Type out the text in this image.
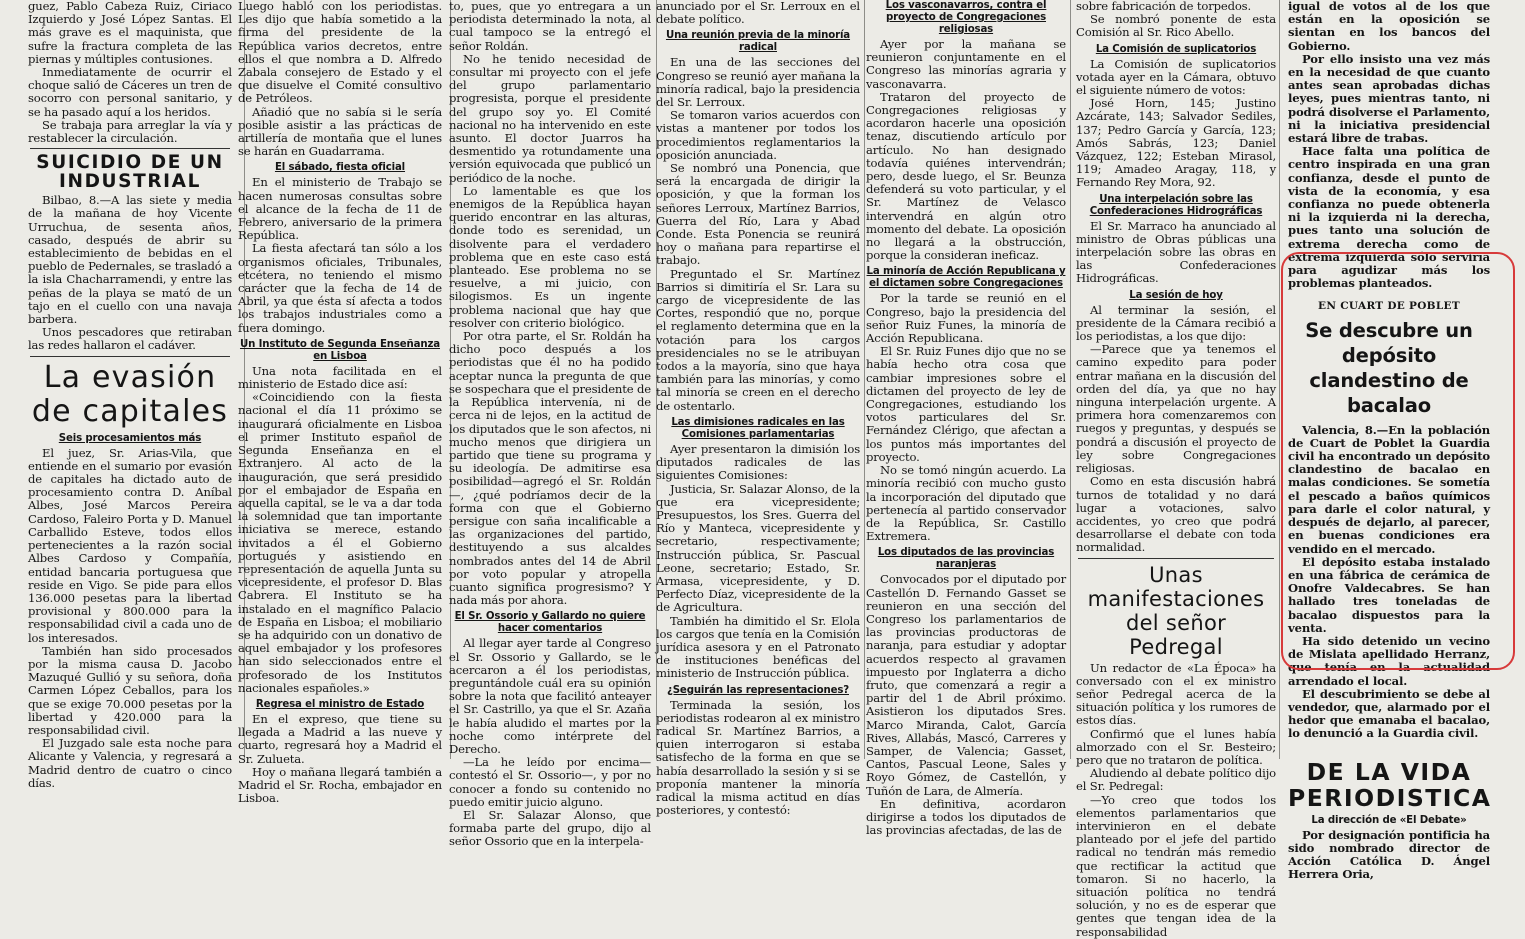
guez, Pablo Cabeza Ruiz, Ciriaco Izquierdo y José López Santas. El más grave es el maquinista, que sufre la fractura completa de las piernas y múltiples contusiones.

Inmediatamente de ocurrir el choque salió de Cáceres un tren de socorro con personal sanitario, y se ha pasado aquí a los heridos.

Se trabaja para arreglar la vía y restablecer la circulación.

SUICIDIO DE UN INDUSTRIAL

Bilbao, 8.—A las siete y media de la mañana de hoy Vicente Urruchua, de sesenta años, casado, después de abrir su establecimiento de bebidas en el pueblo de Pedernales, se trasladó a la isla Chacharramendi, y entre las peñas de la playa se mató de un tajo en el cuello con una navaja barbera.

Unos pescadores que retiraban las redes hallaron el cadáver.

La evasión de capitales
Seis procesamientos más

El juez, Sr. Arias-Vila, que entiende en el sumario por evasión de capitales ha dictado auto de procesamiento contra D. Aníbal Albes, José Marcos Pereira Cardoso, Faleiro Porta y D. Manuel Carballido Esteve, todos ellos pertenecientes a la razón social Albes Cardoso y Compañía, entidad bancaria portuguesa que reside en Vigo. Se pide para ellos 136.000 pesetas para la libertad provisional y 800.000 para la responsabilidad civil a cada uno de los interesados.

También han sido procesados por la misma causa D. Jacobo Mazuqué Gullió y su señora, doña Carmen López Ceballos, para los que se exige 70.000 pesetas por la libertad y 420.000 para la responsabilidad civil.

El Juzgado sale esta noche para Alicante y Valencia, y regresará a Madrid dentro de cuatro o cinco días.

Luego habló con los periodistas. Les dijo que había sometido a la firma del presidente de la República varios decretos, entre ellos el que nombra a D. Alfredo Zabala consejero de Estado y el que disuelve el Comité consultivo de Petróleos.

Añadió que no sabía si le sería posible asistir a las prácticas de artillería de montaña que el lunes se harán en Guadarrama.

El sábado, fiesta oficial

En el ministerio de Trabajo se hacen numerosas consultas sobre el alcance de la fecha de 11 de Febrero, aniversario de la primera República.

La fiesta afectará tan sólo a los organismos oficiales, Tribunales, etcétera, no teniendo el mismo carácter que la fecha de 14 de Abril, ya que ésta sí afecta a todos los trabajos industriales como a fuera domingo.

Un Instituto de Segunda Enseñanza en Lisboa

Una nota facilitada en el ministerio de Estado dice así:

«Coincidiendo con la fiesta nacional el día 11 próximo se inaugurará oficialmente en Lisboa el primer Instituto español de Segunda Enseñanza en el Extranjero. Al acto de la inauguración, que será presidido por el embajador de España en aquella capital, se le va a dar toda la solemnidad que tan importante iniciativa se merece, estando invitados a él el Gobierno portugués y asistiendo en representación de aquella Junta su vicepresidente, el profesor D. Blas Cabrera. El Instituto se ha instalado en el magnífico Palacio de España en Lisboa; el mobiliario se ha adquirido con un donativo de aquel embajador y los profesores han sido seleccionados entre el profesorado de los Institutos nacionales españoles.»

Regresa el ministro de Estado

En el expreso, que tiene su llegada a Madrid a las nueve y cuarto, regresará hoy a Madrid el Sr. Zulueta.

Hoy o mañana llegará también a Madrid el Sr. Rocha, embajador en Lisboa.

to, pues, que yo entregara a un periodista determinado la nota, al cual tampoco se la entregó el señor Roldán.

No he tenido necesidad de consultar mi proyecto con el jefe del grupo parlamentario progresista, porque el presidente del grupo soy yo. El Comité nacional no ha intervenido en este asunto. El doctor Juarros ha desmentido ya rotundamente una versión equivocada que publicó un periódico de la noche.

Lo lamentable es que los enemigos de la República hayan querido encontrar en las alturas, donde todo es serenidad, un disolvente para el verdadero problema que en este caso está planteado. Ese problema no se resuelve, a mi juicio, con silogismos. Es un ingente problema nacional que hay que resolver con criterio biológico.

Por otra parte, el Sr. Roldán ha dicho poco después a los periodistas que él no ha podido aceptar nunca la pregunta de que se sospechara que el presidente de la República intervenía, ni de cerca ni de lejos, en la actitud de los diputados que le son afectos, ni mucho menos que dirigiera un partido que tiene su programa y su ideología. De admitirse esa posibilidad—agregó el Sr. Roldán—, ¿qué podríamos decir de la forma con que el Gobierno persigue con saña incalificable a las organizaciones del partido, destituyendo a sus alcaldes nombrados antes del 14 de Abril por voto popular y atropella cuanto significa progresismo? Y nada más por ahora.

El Sr. Ossorio y Gallardo no quiere hacer comentarios

Al llegar ayer tarde al Congreso el Sr. Ossorio y Gallardo, se le acercaron a él los periodistas, preguntándole cuál era su opinión sobre la nota que facilitó anteayer el Sr. Castrillo, ya que el Sr. Azaña le había aludido el martes por la noche como intérprete del Derecho.

—La he leído por encima—contestó el Sr. Ossorio—, y por no conocer a fondo su contenido no puedo emitir juicio alguno.

El Sr. Salazar Alonso, que formaba parte del grupo, dijo al señor Ossorio que en la interpela-

anunciado por el Sr. Lerroux en el debate político.

Una reunión previa de la minoría radical

En una de las secciones del Congreso se reunió ayer mañana la minoría radical, bajo la presidencia del Sr. Lerroux.

Se tomaron varios acuerdos con vistas a mantener por todos los procedimientos reglamentarios la oposición anunciada.

Se nombró una Ponencia, que será la encargada de dirigir la oposición, y que la forman los señores Lerroux, Martínez Barrios, Guerra del Río, Lara y Abad Conde. Esta Ponencia se reunirá hoy o mañana para repartirse el trabajo.

Preguntado el Sr. Martínez Barrios si dimitiría el Sr. Lara su cargo de vicepresidente de las Cortes, respondió que no, porque el reglamento determina que en la votación para los cargos presidenciales no se le atribuyan todos a la mayoría, sino que haya también para las minorías, y como tal minoría se creen en el derecho de ostentarlo.

Las dimisiones radicales en las Comisiones parlamentarias

Ayer presentaron la dimisión los diputados radicales de las siguientes Comisiones:

Justicia, Sr. Salazar Alonso, de la que era vicepresidente; Presupuestos, los Sres. Guerra del Río y Manteca, vicepresidente y secretario, respectivamente; Instrucción pública, Sr. Pascual Leone, secretario; Estado, Sr. Armasa, vicepresidente, y D. Perfecto Díaz, vicepresidente de la de Agricultura.

También ha dimitido el Sr. Elola los cargos que tenía en la Comisión jurídica asesora y en el Patronato de instituciones benéficas del ministerio de Instrucción pública.

¿Seguirán las representaciones?

Terminada la sesión, los periodistas rodearon al ex ministro radical Sr. Martínez Barrios, a quien interrogaron si estaba satisfecho de la forma en que se había desarrollado la sesión y si se proponía mantener la minoría radical la misma actitud en días posteriores, y contestó:

Los vasconavarros, contra el proyecto de Congregaciones religiosas

Ayer por la mañana se reunieron conjuntamente en el Congreso las minorías agraria y vasconavarra.

Trataron del proyecto de Congregaciones religiosas y acordaron hacerle una oposición tenaz, discutiendo artículo por artículo. No han designado todavía quiénes intervendrán; pero, desde luego, el Sr. Beunza defenderá su voto particular, y el Sr. Martínez de Velasco intervendrá en algún otro momento del debate. La oposición no llegará a la obstrucción, porque la consideran ineficaz.

La minoría de Acción Republicana y el dictamen sobre Congregaciones

Por la tarde se reunió en el Congreso, bajo la presidencia del señor Ruiz Funes, la minoría de Acción Republicana.

El Sr. Ruiz Funes dijo que no se había hecho otra cosa que cambiar impresiones sobre el dictamen del proyecto de ley de Congregaciones, estudiando los votos particulares del Sr. Fernández Clérigo, que afectan a los puntos más importantes del proyecto.

No se tomó ningún acuerdo. La minoría recibió con mucho gusto la incorporación del diputado que pertenecía al partido conservador de la República, Sr. Castillo Extremera.

Los diputados de las provincias naranjeras

Convocados por el diputado por Castellón D. Fernando Gasset se reunieron en una sección del Congreso los parlamentarios de las provincias productoras de naranja, para estudiar y adoptar acuerdos respecto al gravamen impuesto por Inglaterra a dicho fruto, que comenzará a regir a partir del 1 de Abril próximo. Asistieron los diputados Sres. Marco Miranda, Calot, García Rives, Allabás, Mascó, Carreres y Samper, de Valencia; Gasset, Cantos, Pascual Leone, Sales y Royo Gómez, de Castellón, y Tuñón de Lara, de Almería.

En definitiva, acordaron dirigirse a todos los diputados de las provincias afectadas, de las de

sobre fabricación de torpedos.

Se nombró ponente de esta Comisión al Sr. Rico Abello.

La Comisión de suplicatorios

La Comisión de suplicatorios votada ayer en la Cámara, obtuvo el siguiente número de votos:

José Horn, 145; Justino Azcárate, 143; Salvador Sediles, 137; Pedro García y García, 123; Amós Sabrás, 123; Daniel Vázquez, 122; Esteban Mirasol, 119; Amadeo Aragay, 118, y Fernando Rey Mora, 92.

Una interpelación sobre las Confederaciones Hidrográficas

El Sr. Marraco ha anunciado al ministro de Obras públicas una interpelación sobre las obras en las Confederaciones Hidrográficas.

La sesión de hoy

Al terminar la sesión, el presidente de la Cámara recibió a los periodistas, a los que dijo:

—Parece que ya tenemos el camino expedito para poder entrar mañana en la discusión del orden del día, ya que no hay ninguna interpelación urgente. A primera hora comenzaremos con ruegos y preguntas, y después se pondrá a discusión el proyecto de ley sobre Congregaciones religiosas.

Como en esta discusión habrá turnos de totalidad y no dará lugar a votaciones, salvo accidentes, yo creo que podrá desarrollarse el debate con toda normalidad.

Unas manifestaciones del señor Pedregal

Un redactor de «La Época» ha conversado con el ex ministro señor Pedregal acerca de la situación política y los rumores de estos días.

Confirmó que el lunes había almorzado con el Sr. Besteiro; pero que no trataron de política.

Aludiendo al debate político dijo el Sr. Pedregal:

—Yo creo que todos los elementos parlamentarios que intervinieron en el debate planteado por el jefe del partido radical no tendrán más remedio que rectificar la actitud que tomaron. Si no hacerlo, la situación política no tendrá solución, y no es de esperar que gentes que tengan idea de la responsabilidad

igual de votos al de los que están en la oposición se sientan en los bancos del Gobierno.

Por ello insisto una vez más en la necesidad de que cuanto antes sean aprobadas dichas leyes, pues mientras tanto, ni podrá disolverse el Parlamento, ni la iniciativa presidencial estará libre de trabas.

Hace falta una política de centro inspirada en una gran confianza, desde el punto de vista de la economía, y esa confianza no puede obtenerla ni la izquierda ni la derecha, pues tanto una solución de extrema derecha como de extrema izquierda sólo serviría para agudizar más los problemas planteados.

EN CUART DE POBLET
Se descubre un depósito clandestino de bacalao

Valencia, 8.—En la población de Cuart de Poblet la Guardia civil ha encontrado un depósito clandestino de bacalao en malas condiciones. Se sometía el pescado a baños químicos para darle el color natural, y después de dejarlo, al parecer, en buenas condiciones era vendido en el mercado.

El depósito estaba instalado en una fábrica de cerámica de Onofre Valdecabres. Se han hallado tres toneladas de bacalao dispuestos para la venta.

Ha sido detenido un vecino de Mislata apellidado Herranz, que tenía en la actualidad arrendado el local.

El descubrimiento se debe al vendedor, que, alarmado por el hedor que emanaba el bacalao, lo denunció a la Guardia civil.

DE LA VIDA PERIODISTICA
La dirección de «El Debate»

Por designación pontificia ha sido nombrado director de Acción Católica D. Ángel Herrera Oria,
